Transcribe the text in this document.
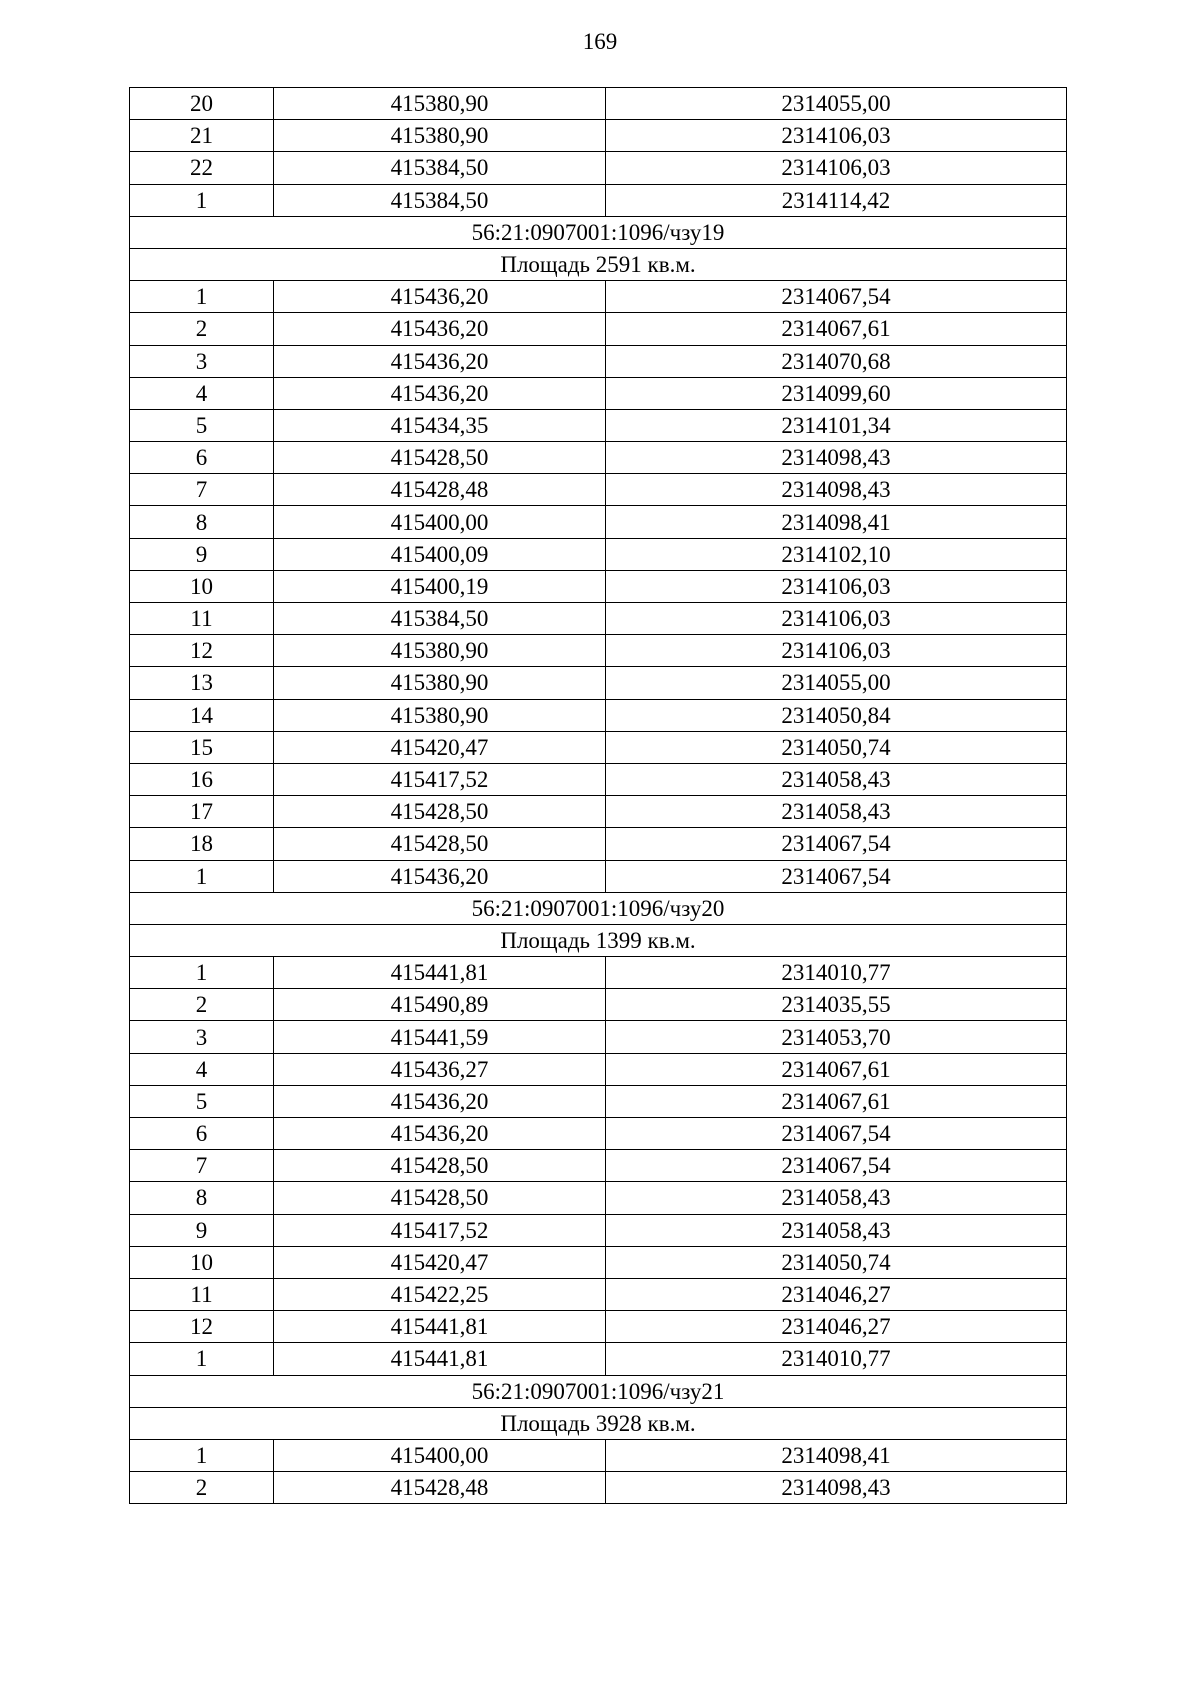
169
20	415380,90	2314055,00
21	415380,90	2314106,03
22	415384,50	2314106,03
1	415384,50	2314114,42
56:21:0907001:1096/чзу19		
Площадь 2591 кв.м.		
1	415436,20	2314067,54
2	415436,20	2314067,61
3	415436,20	2314070,68
4	415436,20	2314099,60
5	415434,35	2314101,34
6	415428,50	2314098,43
7	415428,48	2314098,43
8	415400,00	2314098,41
9	415400,09	2314102,10
10	415400,19	2314106,03
11	415384,50	2314106,03
12	415380,90	2314106,03
13	415380,90	2314055,00
14	415380,90	2314050,84
15	415420,47	2314050,74
16	415417,52	2314058,43
17	415428,50	2314058,43
18	415428,50	2314067,54
1	415436,20	2314067,54
56:21:0907001:1096/чзу20		
Площадь 1399 кв.м.		
1	415441,81	2314010,77
2	415490,89	2314035,55
3	415441,59	2314053,70
4	415436,27	2314067,61
5	415436,20	2314067,61
6	415436,20	2314067,54
7	415428,50	2314067,54
8	415428,50	2314058,43
9	415417,52	2314058,43
10	415420,47	2314050,74
11	415422,25	2314046,27
12	415441,81	2314046,27
1	415441,81	2314010,77
56:21:0907001:1096/чзу21		
Площадь 3928 кв.м.		
1	415400,00	2314098,41
2	415428,48	2314098,43
